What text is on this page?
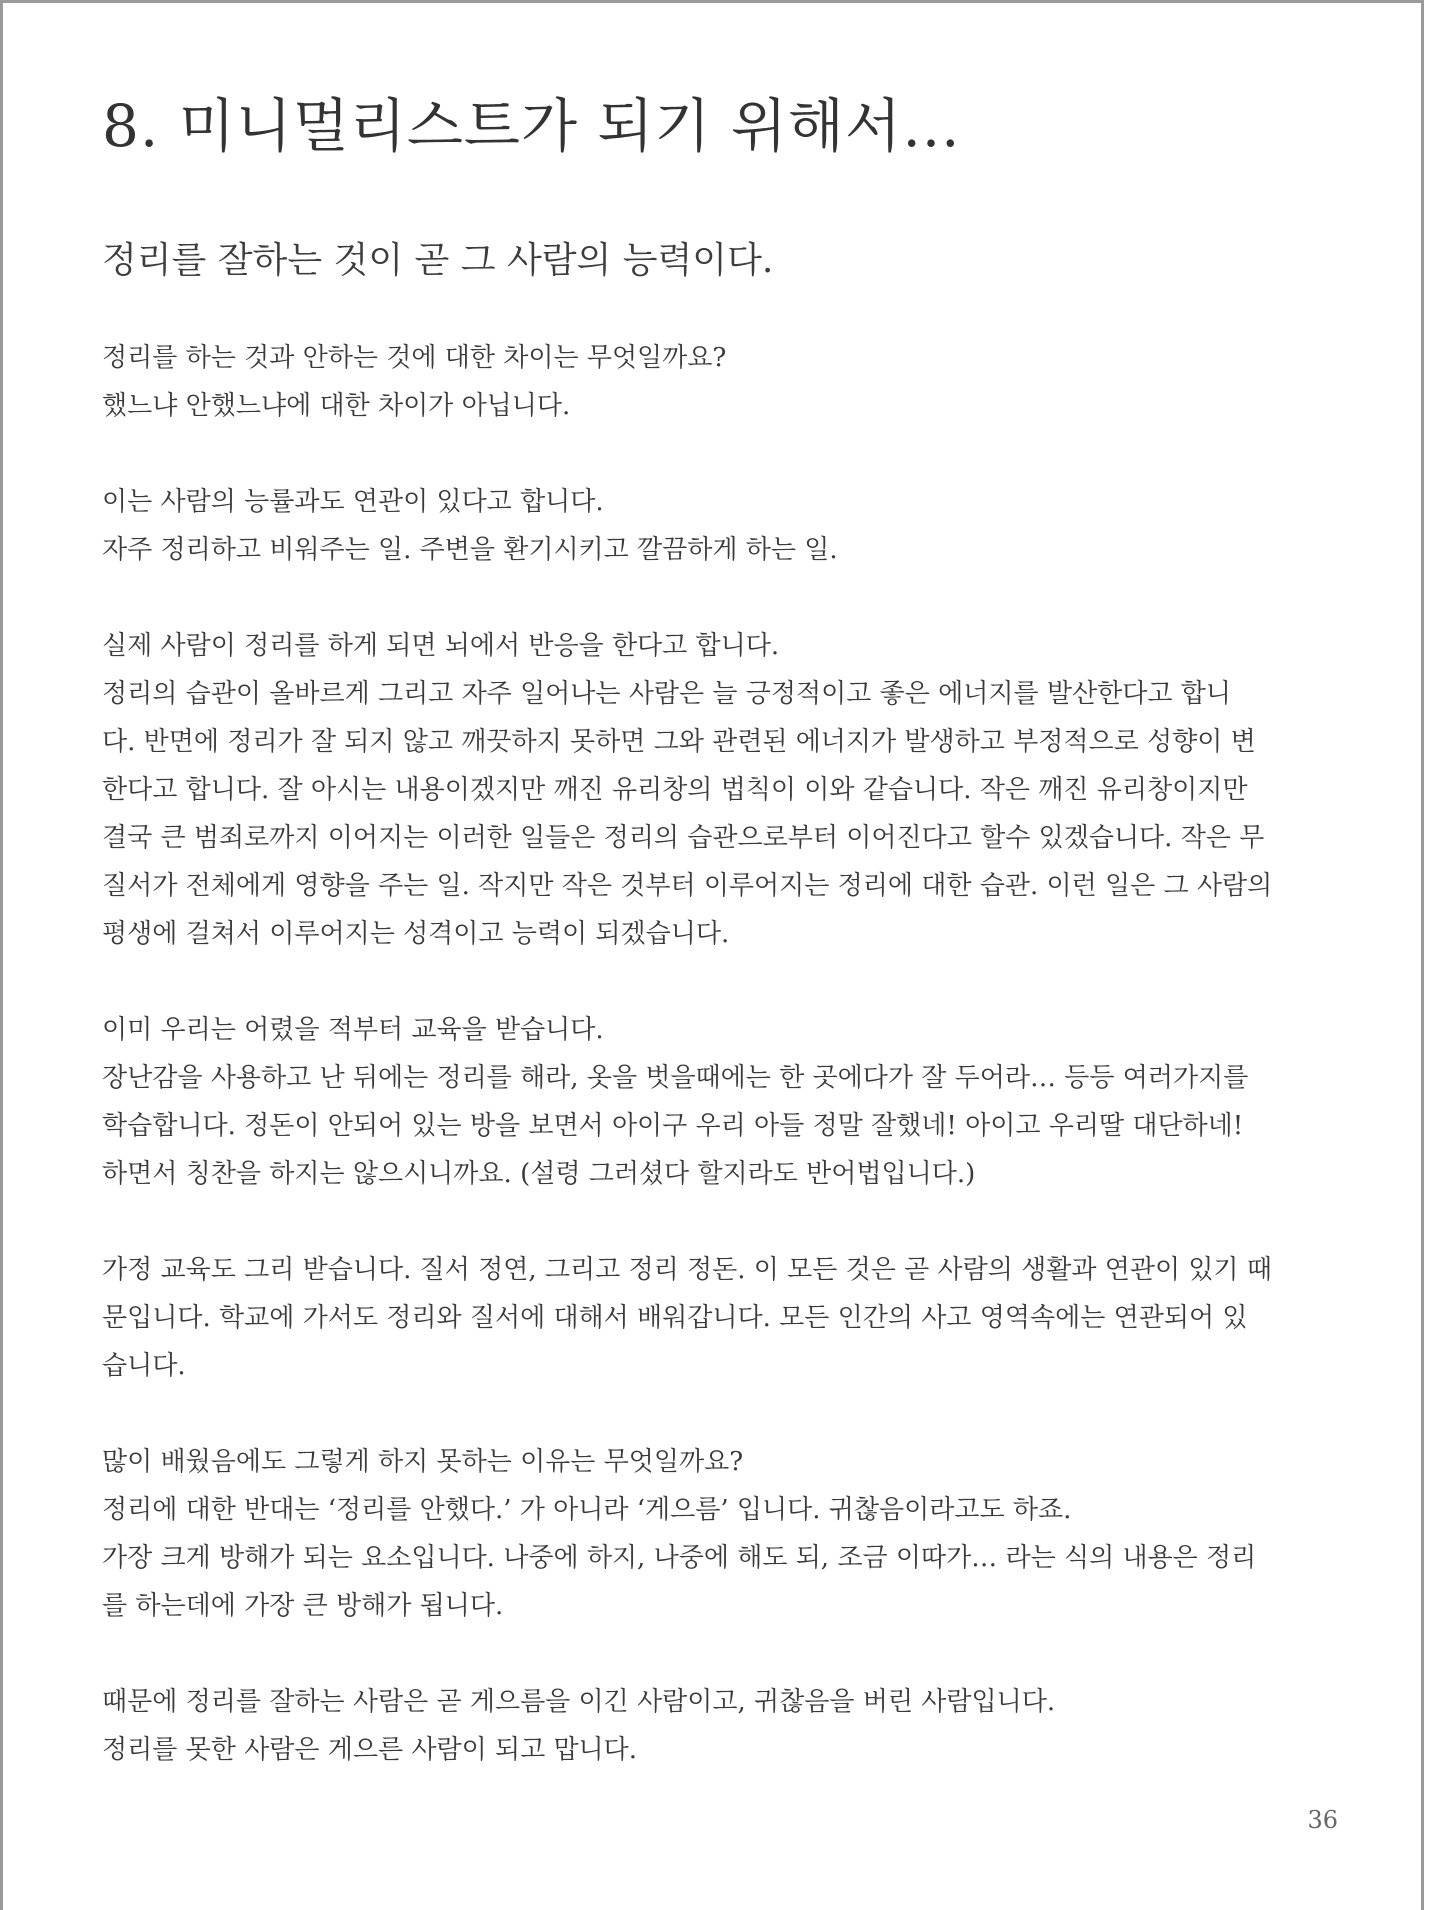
8. 미니멀리스트가 되기 위해서…
정리를 잘하는 것이 곧 그 사람의 능력이다.

정리를 하는 것과 안하는 것에 대한 차이는 무엇일까요?
했느냐 안했느냐에 대한 차이가 아닙니다.

이는 사람의 능률과도 연관이 있다고 합니다.
자주 정리하고 비워주는 일. 주변을 환기시키고 깔끔하게 하는 일.

실제 사람이 정리를 하게 되면 뇌에서 반응을 한다고 합니다.
정리의 습관이 올바르게 그리고 자주 일어나는 사람은 늘 긍정적이고 좋은 에너지를 발산한다고 합니
다. 반면에 정리가 잘 되지 않고 깨끗하지 못하면 그와 관련된 에너지가 발생하고 부정적으로 성향이 변
한다고 합니다. 잘 아시는 내용이겠지만 깨진 유리창의 법칙이 이와 같습니다. 작은 깨진 유리창이지만
결국 큰 범죄로까지 이어지는 이러한 일들은 정리의 습관으로부터 이어진다고 할수 있겠습니다. 작은 무
질서가 전체에게 영향을 주는 일. 작지만 작은 것부터 이루어지는 정리에 대한 습관. 이런 일은 그 사람의
평생에 걸쳐서 이루어지는 성격이고 능력이 되겠습니다.

이미 우리는 어렸을 적부터 교육을 받습니다.
장난감을 사용하고 난 뒤에는 정리를 해라, 옷을 벗을때에는 한 곳에다가 잘 두어라… 등등 여러가지를
학습합니다. 정돈이 안되어 있는 방을 보면서 아이구 우리 아들 정말 잘했네! 아이고 우리딸 대단하네!
하면서 칭찬을 하지는 않으시니까요. (설령 그러셨다 할지라도 반어법입니다.)

가정 교육도 그리 받습니다. 질서 정연, 그리고 정리 정돈. 이 모든 것은 곧 사람의 생활과 연관이 있기 때
문입니다. 학교에 가서도 정리와 질서에 대해서 배워갑니다. 모든 인간의 사고 영역속에는 연관되어 있
습니다.

많이 배웠음에도 그렇게 하지 못하는 이유는 무엇일까요?
정리에 대한 반대는 ‘정리를 안했다.’ 가 아니라 ‘게으름’ 입니다. 귀찮음이라고도 하죠.
가장 크게 방해가 되는 요소입니다. 나중에 하지, 나중에 해도 되, 조금 이따가… 라는 식의 내용은 정리
를 하는데에 가장 큰 방해가 됩니다.

때문에 정리를 잘하는 사람은 곧 게으름을 이긴 사람이고, 귀찮음을 버린 사람입니다.
정리를 못한 사람은 게으른 사람이 되고 맙니다.

36
